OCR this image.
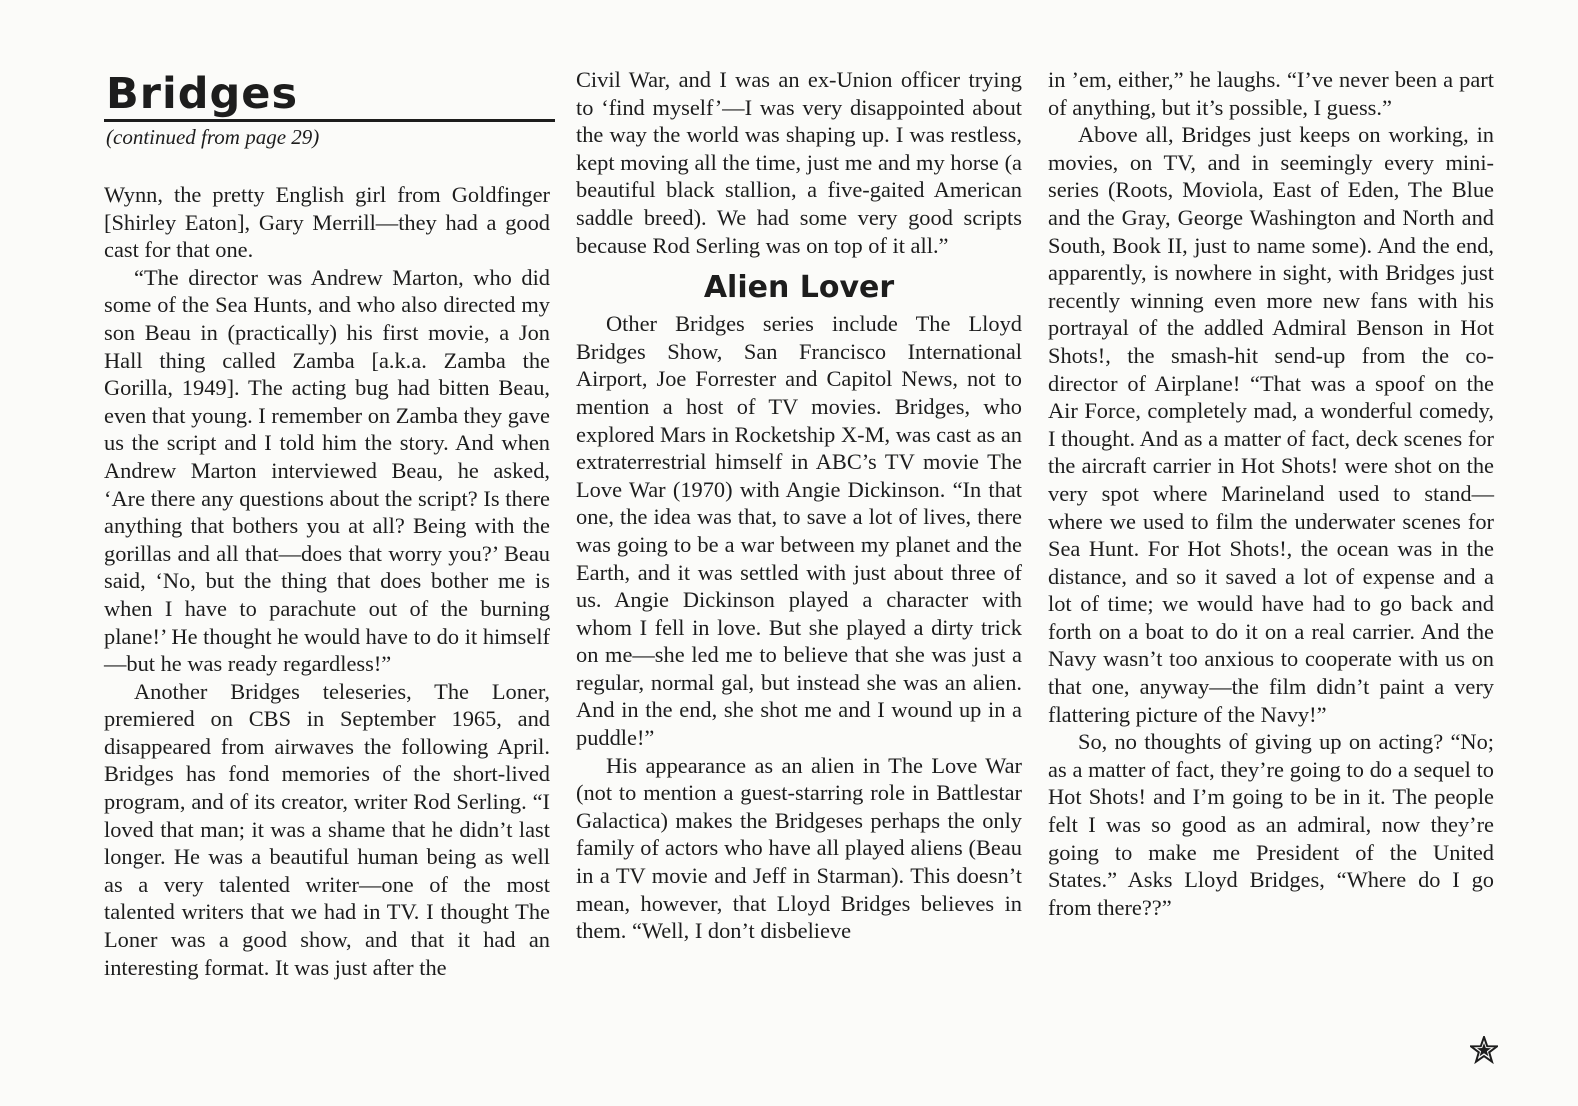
Bridges
(continued from page 29)

Wynn, the pretty English girl from Goldfinger [Shirley Eaton], Gary Merrill—they had a good cast for that one.

“The director was Andrew Marton, who did some of the Sea Hunts, and who also directed my son Beau in (practically) his first movie, a Jon Hall thing called Zamba [a.k.a. Zamba the Gorilla, 1949]. The acting bug had bitten Beau, even that young. I remember on Zamba they gave us the script and I told him the story. And when Andrew Marton interviewed Beau, he asked, ‘Are there any questions about the script? Is there anything that bothers you at all? Being with the gorillas and all that—does that worry you?’ Beau said, ‘No, but the thing that does bother me is when I have to parachute out of the burning plane!’ He thought he would have to do it himself—but he was ready regardless!”

Another Bridges teleseries, The Loner, premiered on CBS in September 1965, and disappeared from airwaves the following April. Bridges has fond memories of the short-lived program, and of its creator, writer Rod Serling. “I loved that man; it was a shame that he didn’t last longer. He was a beautiful human being as well as a very talented writer—one of the most talented writers that we had in TV. I thought The Loner was a good show, and that it had an interesting format. It was just after the

Civil War, and I was an ex-Union officer trying to ‘find myself’—I was very disappointed about the way the world was shaping up. I was restless, kept moving all the time, just me and my horse (a beautiful black stallion, a five-gaited American saddle breed). We had some very good scripts because Rod Serling was on top of it all.”

Alien Lover

Other Bridges series include The Lloyd Bridges Show, San Francisco International Airport, Joe Forrester and Capitol News, not to mention a host of TV movies. Bridges, who explored Mars in Rocketship X-M, was cast as an extraterrestrial himself in ABC’s TV movie The Love War (1970) with Angie Dickinson. “In that one, the idea was that, to save a lot of lives, there was going to be a war between my planet and the Earth, and it was settled with just about three of us. Angie Dickinson played a character with whom I fell in love. But she played a dirty trick on me—she led me to believe that she was just a regular, normal gal, but instead she was an alien. And in the end, she shot me and I wound up in a puddle!”

His appearance as an alien in The Love War (not to mention a guest-starring role in Battlestar Galactica) makes the Bridgeses perhaps the only family of actors who have all played aliens (Beau in a TV movie and Jeff in Starman). This doesn’t mean, however, that Lloyd Bridges believes in them. “Well, I don’t disbelieve

in ’em, either,” he laughs. “I’ve never been a part of anything, but it’s possible, I guess.”

Above all, Bridges just keeps on working, in movies, on TV, and in seemingly every mini-series (Roots, Moviola, East of Eden, The Blue and the Gray, George Washington and North and South, Book II, just to name some). And the end, apparently, is nowhere in sight, with Bridges just recently winning even more new fans with his portrayal of the addled Admiral Benson in Hot Shots!, the smash-hit send-up from the co-director of Airplane! “That was a spoof on the Air Force, completely mad, a wonderful comedy, I thought. And as a matter of fact, deck scenes for the aircraft carrier in Hot Shots! were shot on the very spot where Marineland used to stand—where we used to film the underwater scenes for Sea Hunt. For Hot Shots!, the ocean was in the distance, and so it saved a lot of expense and a lot of time; we would have had to go back and forth on a boat to do it on a real carrier. And the Navy wasn’t too anxious to cooperate with us on that one, anyway—the film didn’t paint a very flattering picture of the Navy!”

So, no thoughts of giving up on acting? “No; as a matter of fact, they’re going to do a sequel to Hot Shots! and I’m going to be in it. The people felt I was so good as an admiral, now they’re going to make me President of the United States.” Asks Lloyd Bridges, “Where do I go from there??”
